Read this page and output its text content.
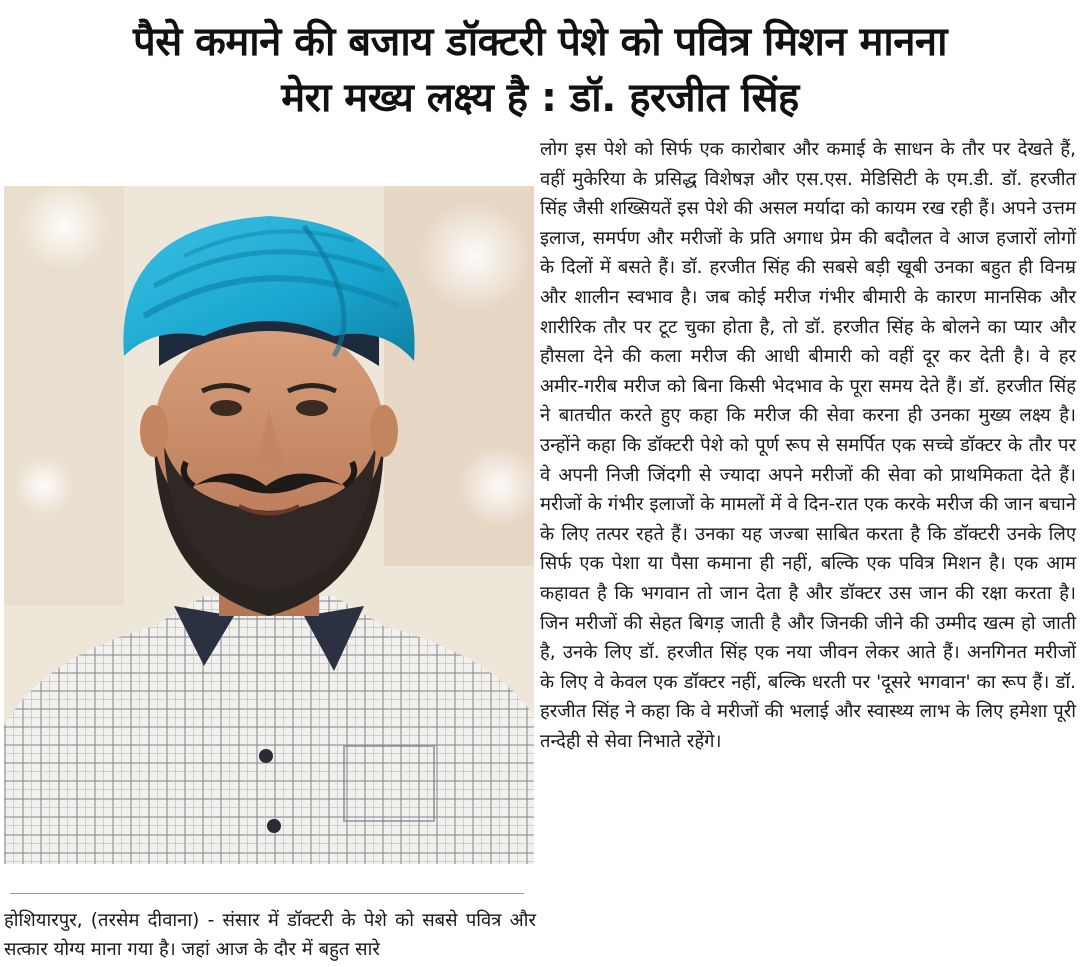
पैसे कमाने की बजाय डॉक्टरी पेशे को पवित्र मिशन मानना
मेरा मख्य लक्ष्य है : डॉ. हरजीत सिंह

लोग इस पेशे को सिर्फ एक कारोबार और कमाई के साधन के तौर पर देखते हैं, वहीं मुकेरिया के प्रसिद्ध विशेषज्ञ और एस.एस. मेडिसिटी के एम.डी. डॉ. हरजीत सिंह जैसी शख्सियतें इस पेशे की असल मर्यादा को कायम रख रही हैं। अपने उत्तम इलाज, समर्पण और मरीजों के प्रति अगाध प्रेम की बदौलत वे आज हजारों लोगों के दिलों में बसते हैं। डॉ. हरजीत सिंह की सबसे बड़ी खूबी उनका बहुत ही विनम्र और शालीन स्वभाव है। जब कोई मरीज गंभीर बीमारी के कारण मानसिक और शारीरिक तौर पर टूट चुका होता है, तो डॉ. हरजीत सिंह के बोलने का प्यार और हौसला देने की कला मरीज की आधी बीमारी को वहीं दूर कर देती है। वे हर अमीर-गरीब मरीज को बिना किसी भेदभाव के पूरा समय देते हैं। डॉ. हरजीत सिंह ने बातचीत करते हुए कहा कि मरीज की सेवा करना ही उनका मुख्य लक्ष्य है। उन्होंने कहा कि डॉक्टरी पेशे को पूर्ण रूप से समर्पित एक सच्चे डॉक्टर के तौर पर वे अपनी निजी जिंदगी से ज्यादा अपने मरीजों की सेवा को प्राथमिकता देते हैं। मरीजों के गंभीर इलाजों के मामलों में वे दिन-रात एक करके मरीज की जान बचाने के लिए तत्पर रहते हैं। उनका यह जज्बा साबित करता है कि डॉक्टरी उनके लिए सिर्फ एक पेशा या पैसा कमाना ही नहीं, बल्कि एक पवित्र मिशन है। एक आम कहावत है कि भगवान तो जान देता है और डॉक्टर उस जान की रक्षा करता है। जिन मरीजों की सेहत बिगड़ जाती है और जिनकी जीने की उम्मीद खत्म हो जाती है, उनके लिए डॉ. हरजीत सिंह एक नया जीवन लेकर आते हैं। अनगिनत मरीजों के लिए वे केवल एक डॉक्टर नहीं, बल्कि धरती पर 'दूसरे भगवान' का रूप हैं। डॉ. हरजीत सिंह ने कहा कि वे मरीजों की भलाई और स्वास्थ्य लाभ के लिए हमेशा पूरी तन्देही से सेवा निभाते रहेंगे।

होशियारपुर, (तरसेम दीवाना) - संसार में डॉक्टरी के पेशे को सबसे पवित्र और सत्कार योग्य माना गया है। जहां आज के दौर में बहुत सारे
